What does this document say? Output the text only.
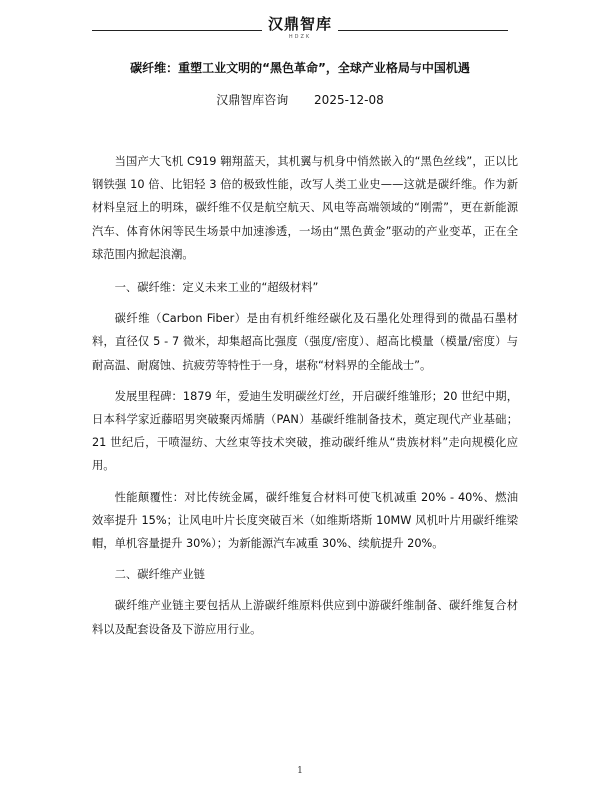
汉鼎智库
HDZK
碳纤维：重塑工业文明的“黑色革命”，全球产业格局与中国机遇
汉鼎智库咨询 2025-12-08

当国产大飞机 C919 翱翔蓝天，其机翼与机身中悄然嵌入的“黑色丝线”，正以比钢铁强 10 倍、比铝轻 3 倍的极致性能，改写人类工业史——这就是碳纤维。作为新材料皇冠上的明珠，碳纤维不仅是航空航天、风电等高端领域的“刚需”，更在新能源汽车、体育休闲等民生场景中加速渗透，一场由“黑色黄金”驱动的产业变革，正在全球范围内掀起浪潮。

一、碳纤维：定义未来工业的“超级材料”

碳纤维（Carbon Fiber）是由有机纤维经碳化及石墨化处理得到的微晶石墨材料，直径仅 5 - 7 微米，却集超高比强度（强度/密度）、超高比模量（模量/密度）与耐高温、耐腐蚀、抗疲劳等特性于一身，堪称“材料界的全能战士”。

发展里程碑：1879 年，爱迪生发明碳丝灯丝，开启碳纤维雏形；20 世纪中期，日本科学家近藤昭男突破聚丙烯腈（PAN）基碳纤维制备技术，奠定现代产业基础；21 世纪后，干喷湿纺、大丝束等技术突破，推动碳纤维从“贵族材料”走向规模化应用。

性能颠覆性：对比传统金属，碳纤维复合材料可使飞机减重 20% - 40%、燃油效率提升 15%；让风电叶片长度突破百米（如维斯塔斯 10MW 风机叶片用碳纤维梁帽，单机容量提升 30%）；为新能源汽车减重 30%、续航提升 20%。

二、碳纤维产业链

碳纤维产业链主要包括从上游碳纤维原料供应到中游碳纤维制备、碳纤维复合材料以及配套设备及下游应用行业。

1
